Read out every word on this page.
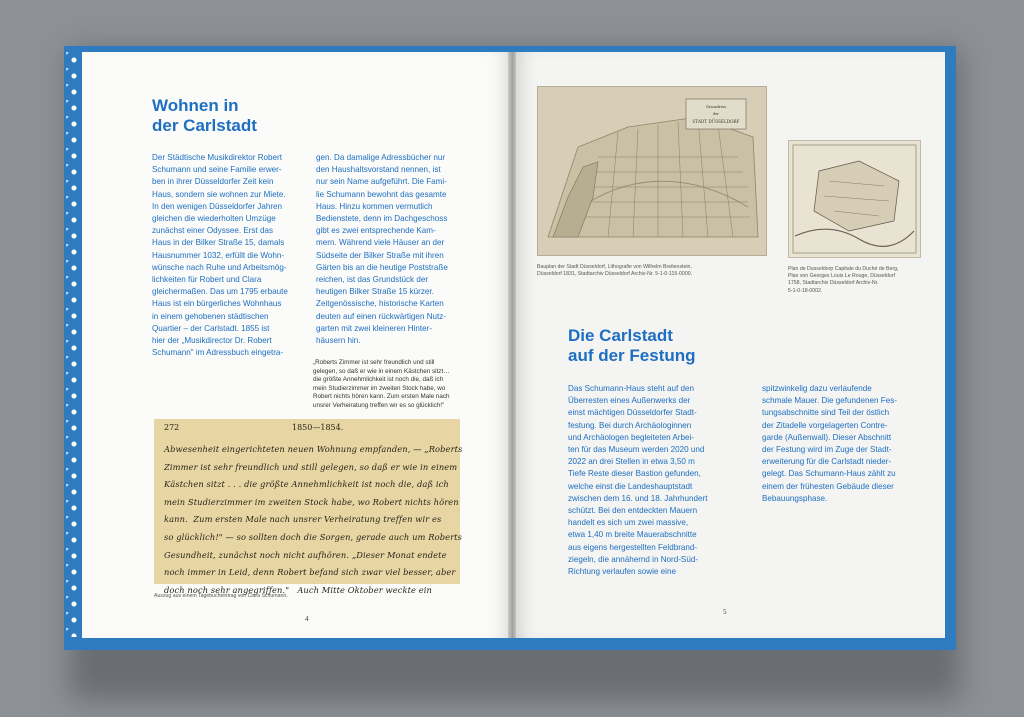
Wohnen in
der Carlstadt
Der Städtische Musikdirektor Robert
Schumann und seine Familie erwer-
ben in ihrer Düsseldorfer Zeit kein
Haus, sondern sie wohnen zur Miete.
In den wenigen Düsseldorfer Jahren
gleichen die wiederholten Umzüge
zunächst einer Odyssee. Erst das
Haus in der Bilker Straße 15, damals
Hausnummer 1032, erfüllt die Wohn-
wünsche nach Ruhe und Arbeitsmög-
lichkeiten für Robert und Clara
gleichermaßen. Das um 1795 erbaute
Haus ist ein bürgerliches Wohnhaus
in einem gehobenen städtischen
Quartier – der Carlstadt. 1855 ist
hier der „Musikdirector Dr. Robert
Schumann" im Adressbuch eingetra-
gen. Da damalige Adressbücher nur
den Haushaltsvorstand nennen, ist
nur sein Name aufgeführt. Die Fami-
lie Schumann bewohnt das gesamte
Haus. Hinzu kommen vermutlich
Bedienstete, denn im Dachgeschoss
gibt es zwei entsprechende Kam-
mern. Während viele Häuser an der
Südseite der Bilker Straße mit ihren
Gärten bis an die heutige Poststraße
reichen, ist das Grundstück der
heutigen Bilker Straße 15 kürzer.
Zeitgenössische, historische Karten
deuten auf einen rückwärtigen Nutz-
garten mit zwei kleineren Hinter-
häusern hin.
„Roberts Zimmer ist sehr freundlich und still
gelegen, so daß er wie in einem Kästchen sitzt…
die größte Annehmlichkeit ist noch die, daß ich
mein Studierzimmer im zweiten Stock habe, wo
Robert nichts hören kann. Zum ersten Male nach
unsrer Verheiratung treffen wir es so glücklich!"
272	1850—1854.
Abwesenheit eingerichteten neuen Wohnung empfanden, — „Roberts
Zimmer ist sehr freundlich und still gelegen, so daß er wie in einem
Kästchen sitzt . . . die größte Annehmlichkeit ist noch die, daß ich
mein Studierzimmer im zweiten Stock habe, wo Robert nichts hören
kann.  Zum ersten Male nach unsrer Verheiratung treffen wir es
so glücklich!" — so sollten doch die Sorgen, gerade auch um Roberts
Gesundheit, zunächst noch nicht aufhören. „Dieser Monat endete
noch immer in Leid, denn Robert befand sich zwar viel besser, aber
doch noch sehr angegriffen."   Auch Mitte Oktober weckte ein
Auszug aus einem Tagebucheintrag von Clara Schumann.
4
Grundriss
der
STADT DÜSSELDORF
Bauplan der Stadt Düsseldorf, Lithografie von Wilhelm Breitenstein,
Düsseldorf 1831, Stadtarchiv Düsseldorf Archiv-Nr. 5-1-0-115-0000.
Plan de Dusseldorp Capitale du Duché de Berg,
Plan von Georges Louis Le Rouge, Düsseldorf
1758, Stadtarchiv Düsseldorf Archiv-Nr.
5-1-0-18-0002.
Die Carlstadt
auf der Festung
Das Schumann-Haus steht auf den
Überresten eines Außenwerks der
einst mächtigen Düsseldorfer Stadt-
festung. Bei durch Archäologinnen
und Archäologen begleiteten Arbei-
ten für das Museum werden 2020 und
2022 an drei Stellen in etwa 3,50 m
Tiefe Reste dieser Bastion gefunden,
welche einst die Landeshauptstadt
zwischen dem 16. und 18. Jahrhundert
schützt. Bei den entdeckten Mauern
handelt es sich um zwei massive,
etwa 1,40 m breite Mauerabschnitte
aus eigens hergestellten Feldbrand-
ziegeln, die annähernd in Nord-Süd-
Richtung verlaufen sowie eine
spitzwinkelig dazu verlaufende
schmale Mauer. Die gefundenen Fes-
tungsabschnitte sind Teil der östlich
der Zitadelle vorgelagerten Contre-
garde (Außenwall). Dieser Abschnitt
der Festung wird im Zuge der Stadt-
erweiterung für die Carlstadt nieder-
gelegt. Das Schumann-Haus zählt zu
einem der frühesten Gebäude dieser
Bebauungsphase.
5
